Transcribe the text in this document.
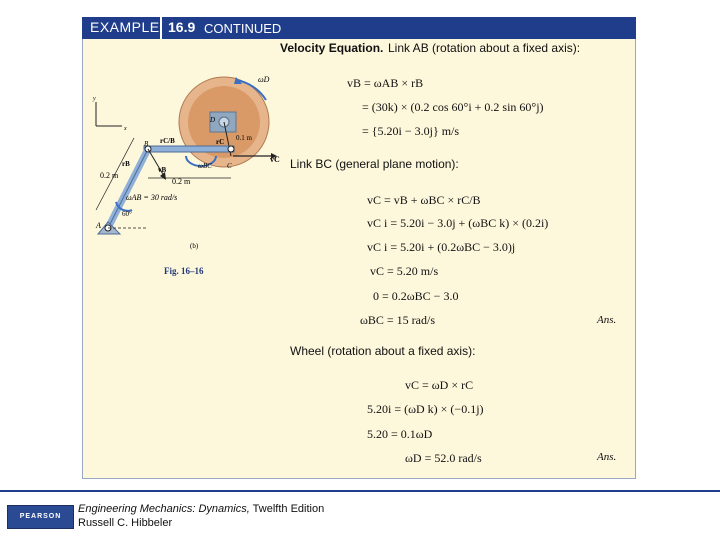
EXAMPLE 16.9 CONTINUED
ωD
D
rC 0.1 m
vC
rC/B
B
C
ωBC
vB
rB
0.2 m
0.2 m
ωAB = 30 rad/s
60°
A
x
y
(b)
Fig. 16–16
Velocity Equation. Link AB (rotation about a fixed axis):
vB = ωAB × rB
= (30k) × (0.2 cos 60°i + 0.2 sin 60°j)
= {5.20i − 3.0j} m/s
Link BC (general plane motion):
vC = vB + ωBC × rC/B
vC i = 5.20i − 3.0j + (ωBC k) × (0.2i)
vC i = 5.20i + (0.2ωBC − 3.0)j
vC = 5.20 m/s
0 = 0.2ωBC − 3.0
ωBC = 15 rad/s	Ans.
Wheel (rotation about a fixed axis):
vC = ωD × rC
5.20i = (ωD k) × (−0.1j)
5.20 = 0.1ωD
ωD = 52.0 rad/s	Ans.
PEARSON
Engineering Mechanics: Dynamics, Twelfth Edition
Russell C. Hibbeler
